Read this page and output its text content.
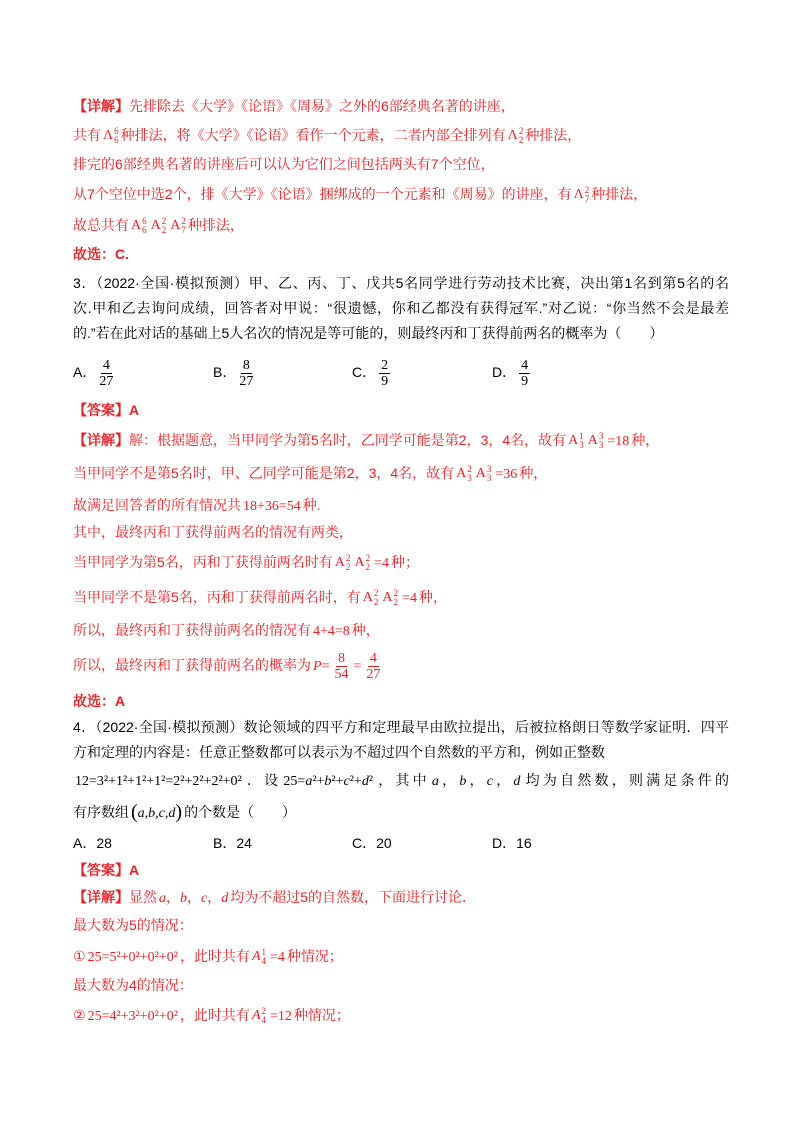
【详解】先排除去《大学》《论语》《周易》之外的6部经典名著的讲座，
共有 Λ 6
6 种排法，将《大学》《论语》看作一个元素，二者内部全排列有 Λ 2
2 种排法，
排完的6部经典名著的讲座后可以认为它们之间包括两头有7个空位，
从7个空位中选2个，排《大学》《论语》捆绑成的一个元素和《周易》的讲座，有 Λ 2
7 种排法，
故总共有 A 6
6 A 2
2 A 2
7 种排法，
故选：C.
3．（2022·全国·模拟预测）甲、乙、丙、丁、戊共5名同学进行劳动技术比赛，决出第1名到第5名的名
次.甲和乙去询问成绩，回答者对甲说：“很遗憾，你和乙都没有获得冠军.”对乙说：“你当然不会是最差
的.”若在此对话的基础上5人名次的情况是等可能的，则最终丙和丁获得前两名的概率为（　　）
A． $\frac{4}{27}$	B． $\frac{8}{27}$	C． $\frac{2}{9}$	D． $\frac{4}{9}$
【答案】A
【详解】解：根据题意，当甲同学为第5名时，乙同学可能是第2，3，4名，故有 A 1
3 A 3
3 =18 种，
当甲同学不是第5名时，甲、乙同学可能是第2，3，4名，故有 A 2
3 A 3
3 =36 种，
故满足回答者的所有情况共 18+36=54 种.
其中，最终丙和丁获得前两名的情况有两类，
当甲同学为第5名，丙和丁获得前两名时有 A 2
2 A 2
2 =4 种；
当甲同学不是第5名，丙和丁获得前两名时，有 A 2
2 A 2
2 =4 种，
所以，最终丙和丁获得前两名的情况有 4+4=8 种，
所以，最终丙和丁获得前两名的概率为 $P= \frac{8}{54} = \frac{4}{27}$
故选：A
4．（2022·全国·模拟预测）数论领域的四平方和定理最早由欧拉提出，后被拉格朗日等数学家证明．四平
方和定理的内容是：任意正整数都可以表示为不超过四个自然数的平方和，例如正整数
12=3²+1²+1²+1²=2²+2²+2²+0² ．设 25=a²+b²+c²+d² ，其中 a，b，c，d 均为自然数，则满足条件的
有序数组 (a,b,c,d) 的个数是（　　）
A．28	B．24	C．20	D．16
【答案】A
【详解】显然 a，b，c，d 均为不超过5的自然数，下面进行讨论．
最大数为5的情况：
① 25=5²+0²+0²+0² ，此时共有 A 1
4 =4 种情况；
最大数为4的情况：
② 25=4²+3²+0²+0² ，此时共有 A 2
4 =12 种情况；
